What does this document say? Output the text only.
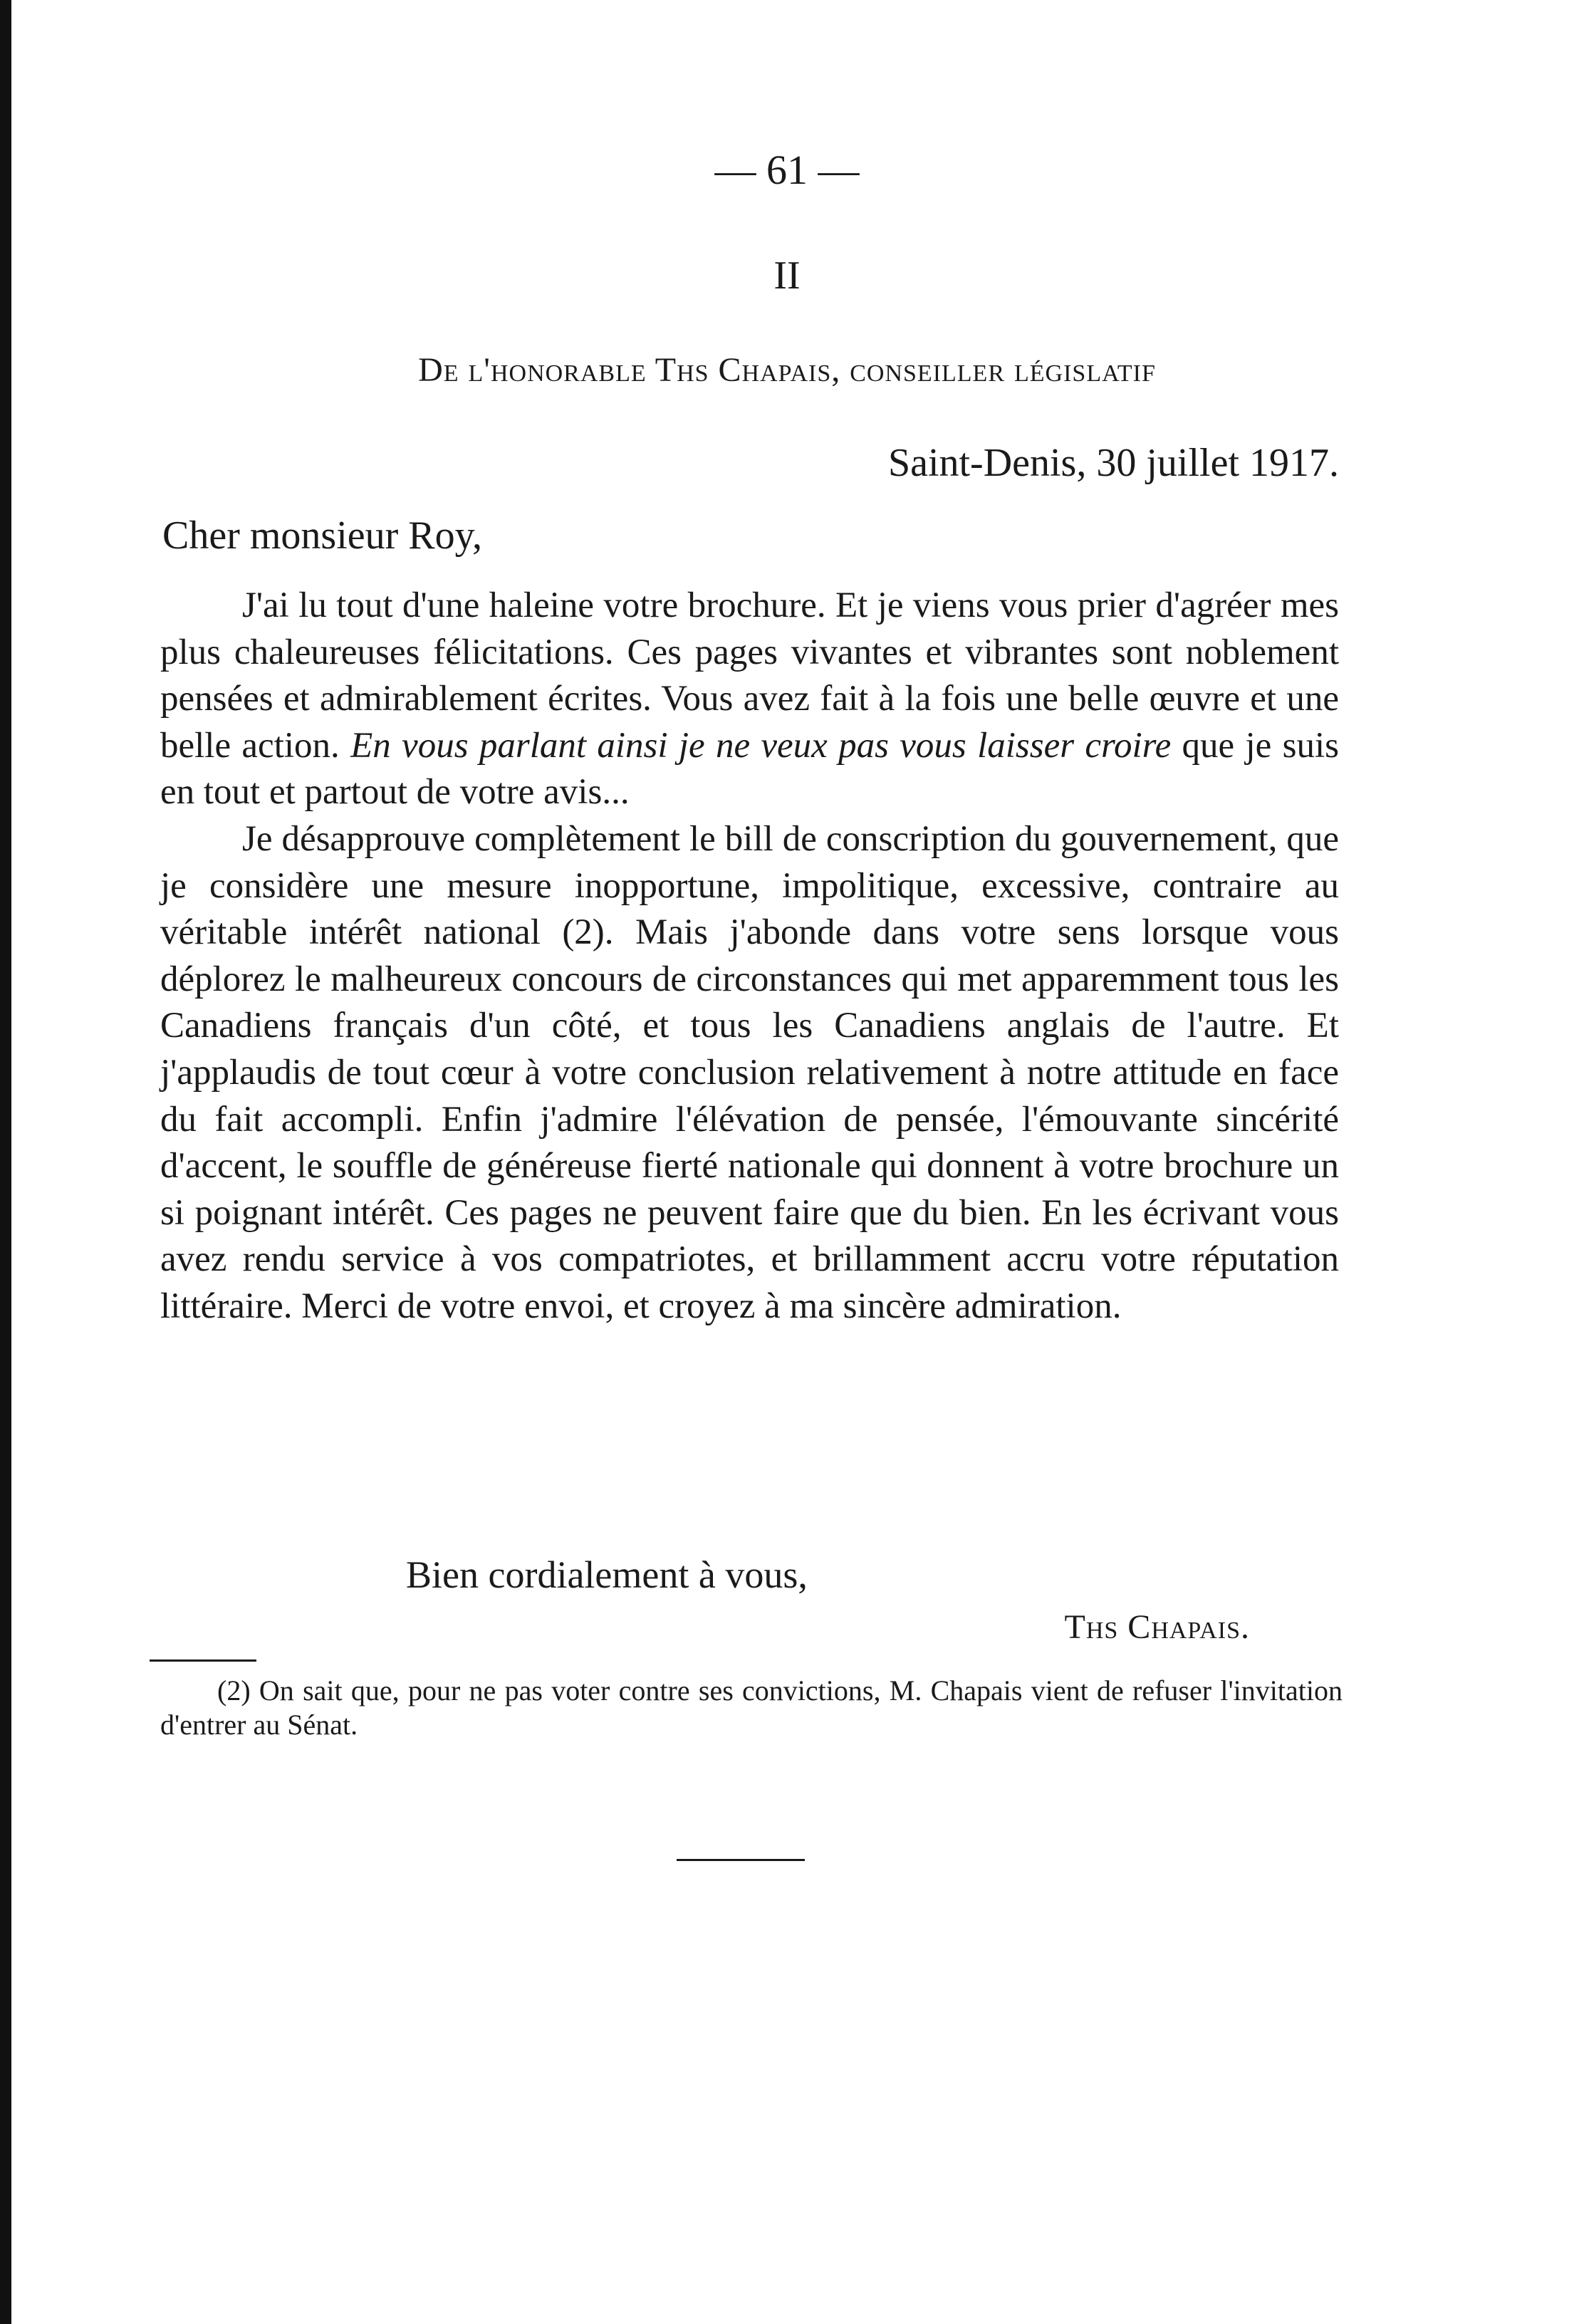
— 61 —
II
De l'honorable Ths Chapais, conseiller législatif
Saint-Denis, 30 juillet 1917.
Cher monsieur Roy,

J'ai lu tout d'une haleine votre brochure. Et je viens vous prier d'agréer mes plus chaleureuses félicitations. Ces pages vivantes et vibrantes sont noblement pensées et admirablement écrites. Vous avez fait à la fois une belle œuvre et une belle action. En vous parlant ainsi je ne veux pas vous laisser croire que je suis en tout et partout de votre avis...

Je désapprouve complètement le bill de conscription du gouvernement, que je considère une mesure inopportune, impolitique, excessive, contraire au véritable intérêt national (2). Mais j'abonde dans votre sens lorsque vous déplorez le malheureux concours de circonstances qui met apparemment tous les Canadiens français d'un côté, et tous les Canadiens anglais de l'autre. Et j'applaudis de tout cœur à votre conclusion relativement à notre attitude en face du fait accompli. Enfin j'admire l'élévation de pensée, l'émouvante sincérité d'accent, le souffle de généreuse fierté nationale qui donnent à votre brochure un si poignant intérêt. Ces pages ne peuvent faire que du bien. En les écrivant vous avez rendu service à vos compatriotes, et brillamment accru votre réputation littéraire. Merci de votre envoi, et croyez à ma sincère admiration.

Bien cordialement à vous,
Ths Chapais.

(2) On sait que, pour ne pas voter contre ses convictions, M. Chapais vient de refuser l'invitation d'entrer au Sénat.
